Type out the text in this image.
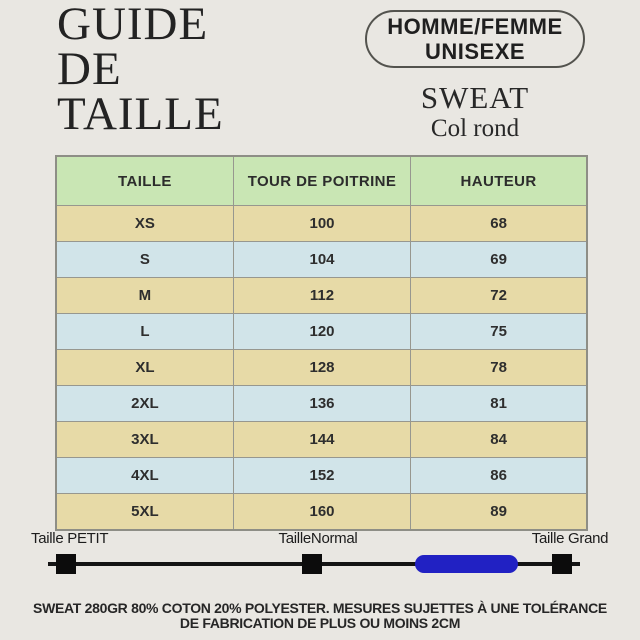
GUIDE
DE
TAILLE
HOMME/FEMME
UNISEXE
SWEAT
Col rond
TAILLE	TOUR DE POITRINE	HAUTEUR
XS	100	68
S	104	69
M	112	72
L	120	75
XL	128	78
2XL	136	81
3XL	144	84
4XL	152	86
5XL	160	89
Taille PETIT	TailleNormal	Taille Grand
SWEAT 280GR 80% COTON 20% POLYESTER. MESURES SUJETTES À UNE TOLÉRANCE
DE FABRICATION DE PLUS OU MOINS 2CM
